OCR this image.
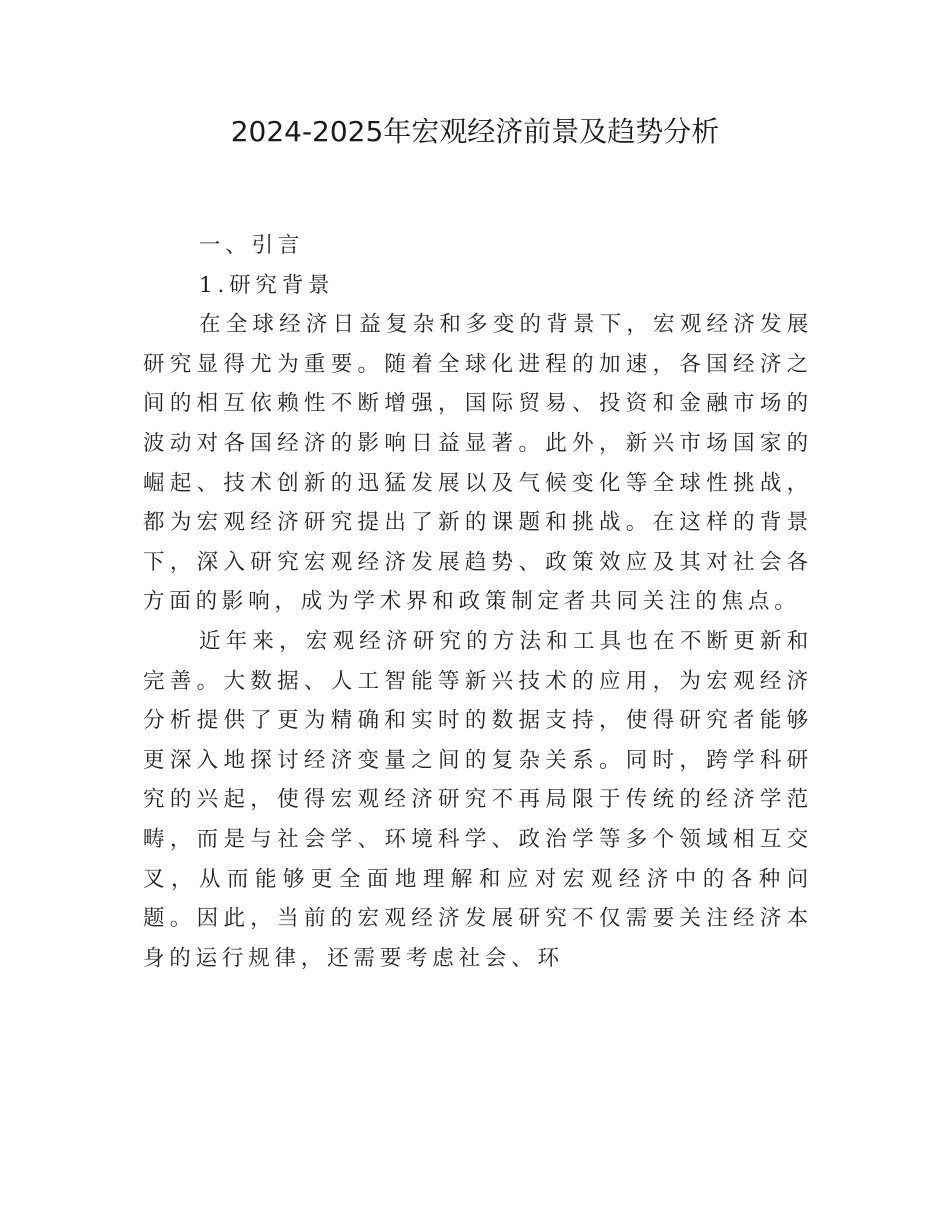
2024-2025年宏观经济前景及趋势分析
一、引言
1.研究背景

在全球经济日益复杂和多变的背景下，宏观经济发展研究显得尤为重要。随着全球化进程的加速，各国经济之间的相互依赖性不断增强，国际贸易、投资和金融市场的波动对各国经济的影响日益显著。此外，新兴市场国家的崛起、技术创新的迅猛发展以及气候变化等全球性挑战，都为宏观经济研究提出了新的课题和挑战。在这样的背景下，深入研究宏观经济发展趋势、政策效应及其对社会各方面的影响，成为学术界和政策制定者共同关注的焦点。

近年来，宏观经济研究的方法和工具也在不断更新和完善。大数据、人工智能等新兴技术的应用，为宏观经济分析提供了更为精确和实时的数据支持，使得研究者能够更深入地探讨经济变量之间的复杂关系。同时，跨学科研究的兴起，使得宏观经济研究不再局限于传统的经济学范畴，而是与社会学、环境科学、政治学等多个领域相互交叉，从而能够更全面地理解和应对宏观经济中的各种问题。因此，当前的宏观经济发展研究不仅需要关注经济本身的运行规律，还需要考虑社会、环
